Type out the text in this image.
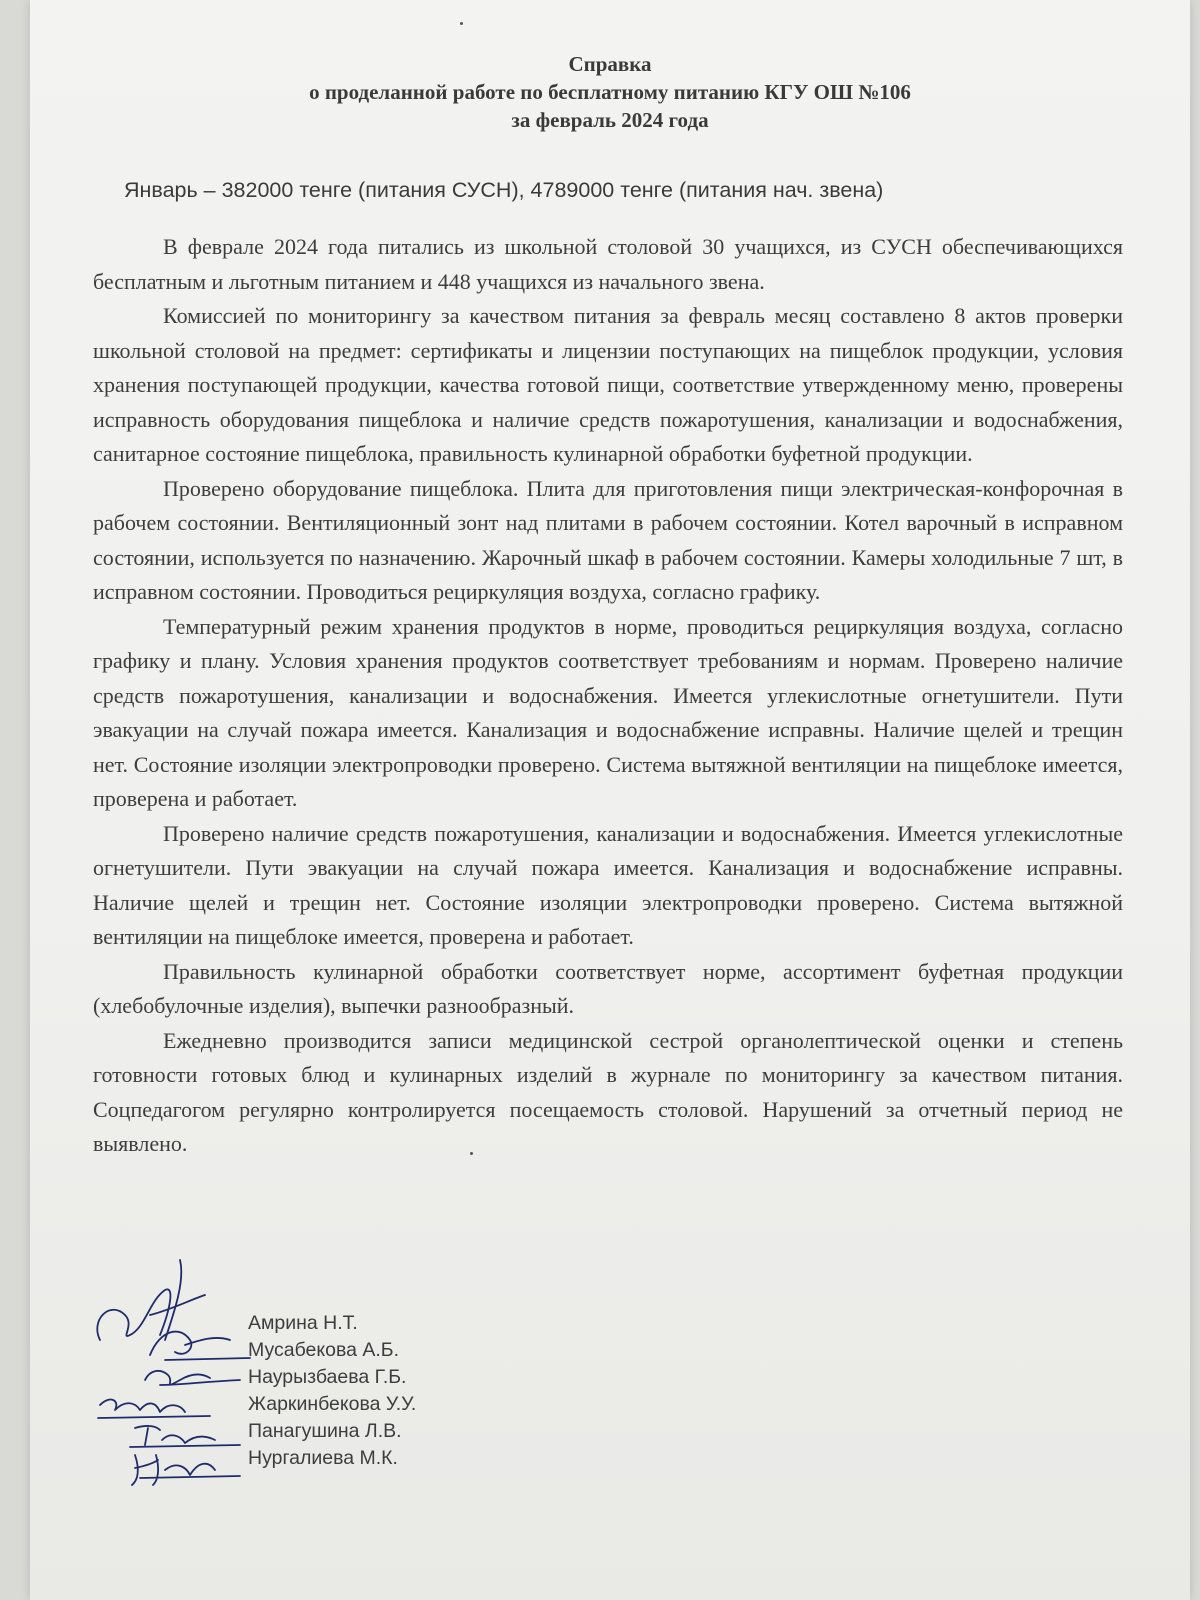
Справка
о проделанной работе по бесплатному питанию КГУ ОШ №106
за февраль 2024 года
Январь – 382000 тенге (питания СУСН), 4789000 тенге (питания нач. звена)

В феврале 2024 года питались из школьной столовой 30 учащихся, из СУСН обеспечивающихся бесплатным и льготным питанием и 448 учащихся из начального звена.

Комиссией по мониторингу за качеством питания за февраль месяц составлено 8 актов проверки школьной столовой на предмет: сертификаты и лицензии поступающих на пищеблок продукции, условия хранения поступающей продукции, качества готовой пищи, соответствие утвержденному меню, проверены исправность оборудования пищеблока и наличие средств пожаротушения, канализации и водоснабжения, санитарное состояние пищеблока, правильность кулинарной обработки буфетной продукции.

Проверено оборудование пищеблока. Плита для приготовления пищи электрическая-конфорочная в рабочем состоянии. Вентиляционный зонт над плитами в рабочем состоянии. Котел варочный в исправном состоянии, используется по назначению. Жарочный шкаф в рабочем состоянии. Камеры холодильные 7 шт, в исправном состоянии. Проводиться рециркуляция воздуха, согласно графику.

Температурный режим хранения продуктов в норме, проводиться рециркуляция воздуха, согласно графику и плану. Условия хранения продуктов соответствует требованиям и нормам. Проверено наличие средств пожаротушения, канализации и водоснабжения. Имеется углекислотные огнетушители. Пути эвакуации на случай пожара имеется. Канализация и водоснабжение исправны. Наличие щелей и трещин нет. Состояние изоляции электропроводки проверено. Система вытяжной вентиляции на пищеблоке имеется, проверена и работает.

Проверено наличие средств пожаротушения, канализации и водоснабжения. Имеется углекислотные огнетушители. Пути эвакуации на случай пожара имеется. Канализация и водоснабжение исправны. Наличие щелей и трещин нет. Состояние изоляции электропроводки проверено. Система вытяжной вентиляции на пищеблоке имеется, проверена и работает.

Правильность кулинарной обработки соответствует норме, ассортимент буфетная продукции (хлебобулочные изделия), выпечки разнообразный.

Ежедневно производится записи медицинской сестрой органолептической оценки и степень готовности готовых блюд и кулинарных изделий в журнале по мониторингу за качеством питания. Соцпедагогом регулярно контролируется посещаемость столовой. Нарушений за отчетный период не выявлено.

Амрина Н.Т.
Мусабекова А.Б.
Наурызбаева Г.Б.
Жаркинбекова У.У.
Панагушина Л.В.
Нургалиева М.К.
